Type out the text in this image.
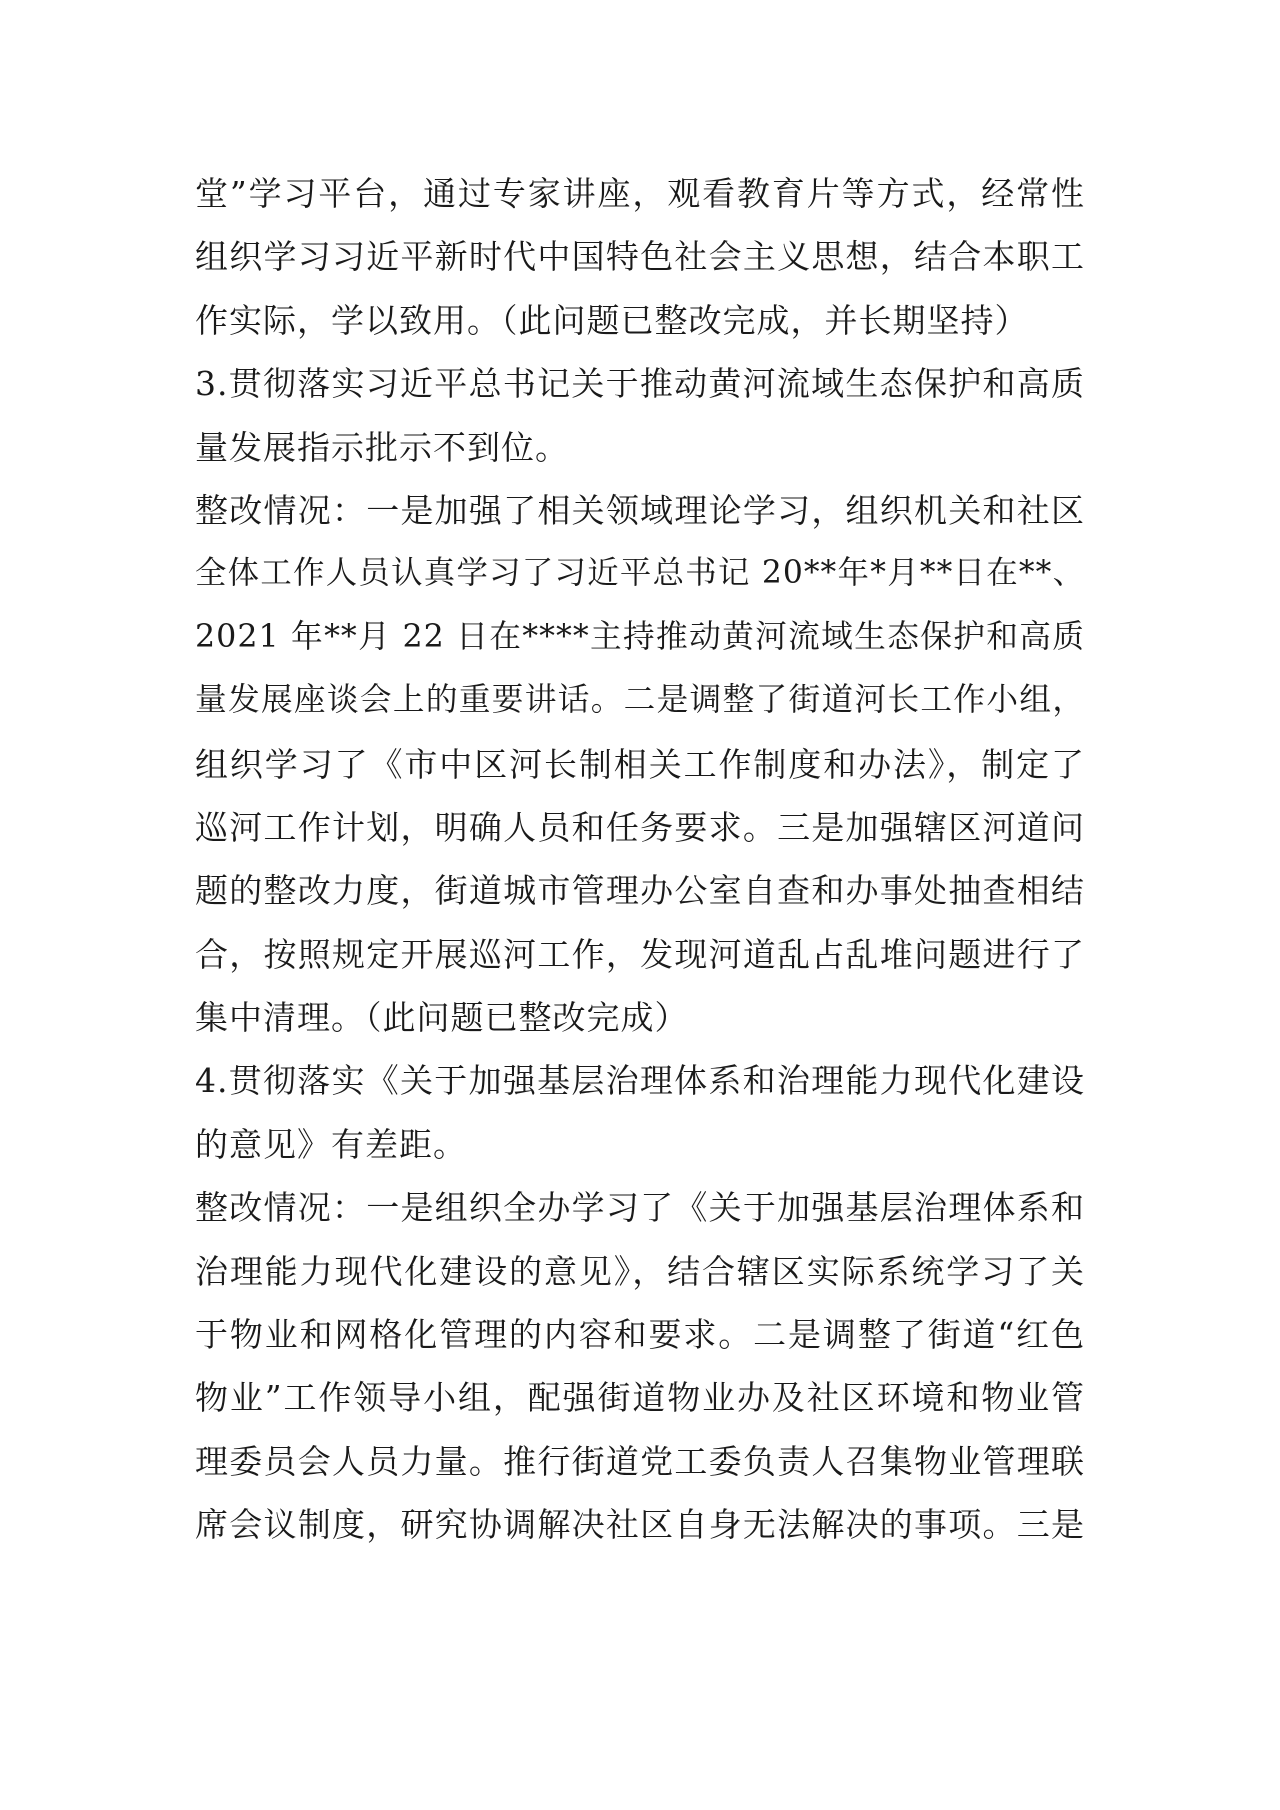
堂”学习平台，通过专家讲座，观看教育片等方式，经常性
组织学习习近平新时代中国特色社会主义思想，结合本职工
作实际，学以致用。（此问题已整改完成，并长期坚持）
3.贯彻落实习近平总书记关于推动黄河流域生态保护和高质
量发展指示批示不到位。
整改情况：一是加强了相关领域理论学习，组织机关和社区
全体工作人员认真学习了习近平总书记 20**年*月**日在**、
2021 年**月 22 日在****主持推动黄河流域生态保护和高质
量发展座谈会上的重要讲话。二是调整了街道河长工作小组，
组织学习了《市中区河长制相关工作制度和办法》，制定了
巡河工作计划，明确人员和任务要求。三是加强辖区河道问
题的整改力度，街道城市管理办公室自查和办事处抽查相结
合，按照规定开展巡河工作，发现河道乱占乱堆问题进行了
集中清理。（此问题已整改完成）
4.贯彻落实《关于加强基层治理体系和治理能力现代化建设
的意见》有差距。
整改情况：一是组织全办学习了《关于加强基层治理体系和
治理能力现代化建设的意见》，结合辖区实际系统学习了关
于物业和网格化管理的内容和要求。二是调整了街道“红色
物业”工作领导小组，配强街道物业办及社区环境和物业管
理委员会人员力量。推行街道党工委负责人召集物业管理联
席会议制度，研究协调解决社区自身无法解决的事项。三是
